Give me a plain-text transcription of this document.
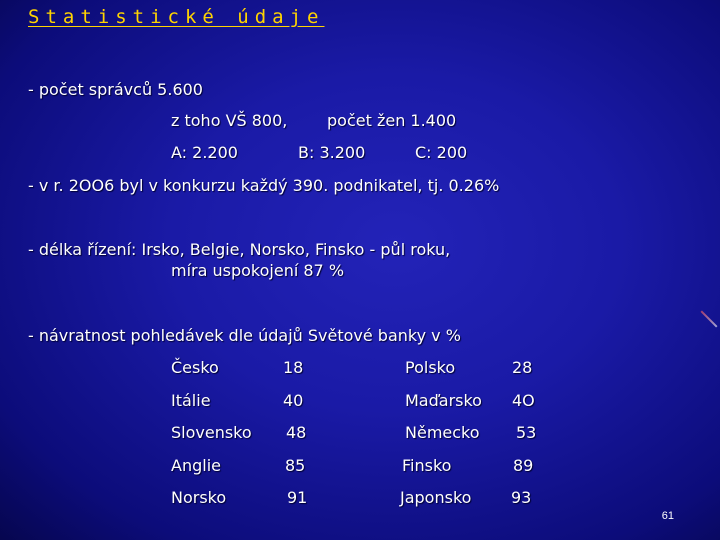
Statistické údaje
- počet správců 5.600
z toho VŠ 800, počet žen 1.400
A: 2.200	B: 3.200	C: 200
- v r. 2OO6 byl v konkurzu každý 390. podnikatel, tj. 0.26%
- délka řízení: Irsko, Belgie, Norsko, Finsko - půl roku,
míra uspokojení 87 %
- návratnost pohledávek dle údajů Světové banky v %
Česko	18	Polsko	28
Itálie	40	Maďarsko 4O
Slovensko 48	Německo 53
Anglie	85	Finsko	89
Norsko	91	Japonsko 93
61
